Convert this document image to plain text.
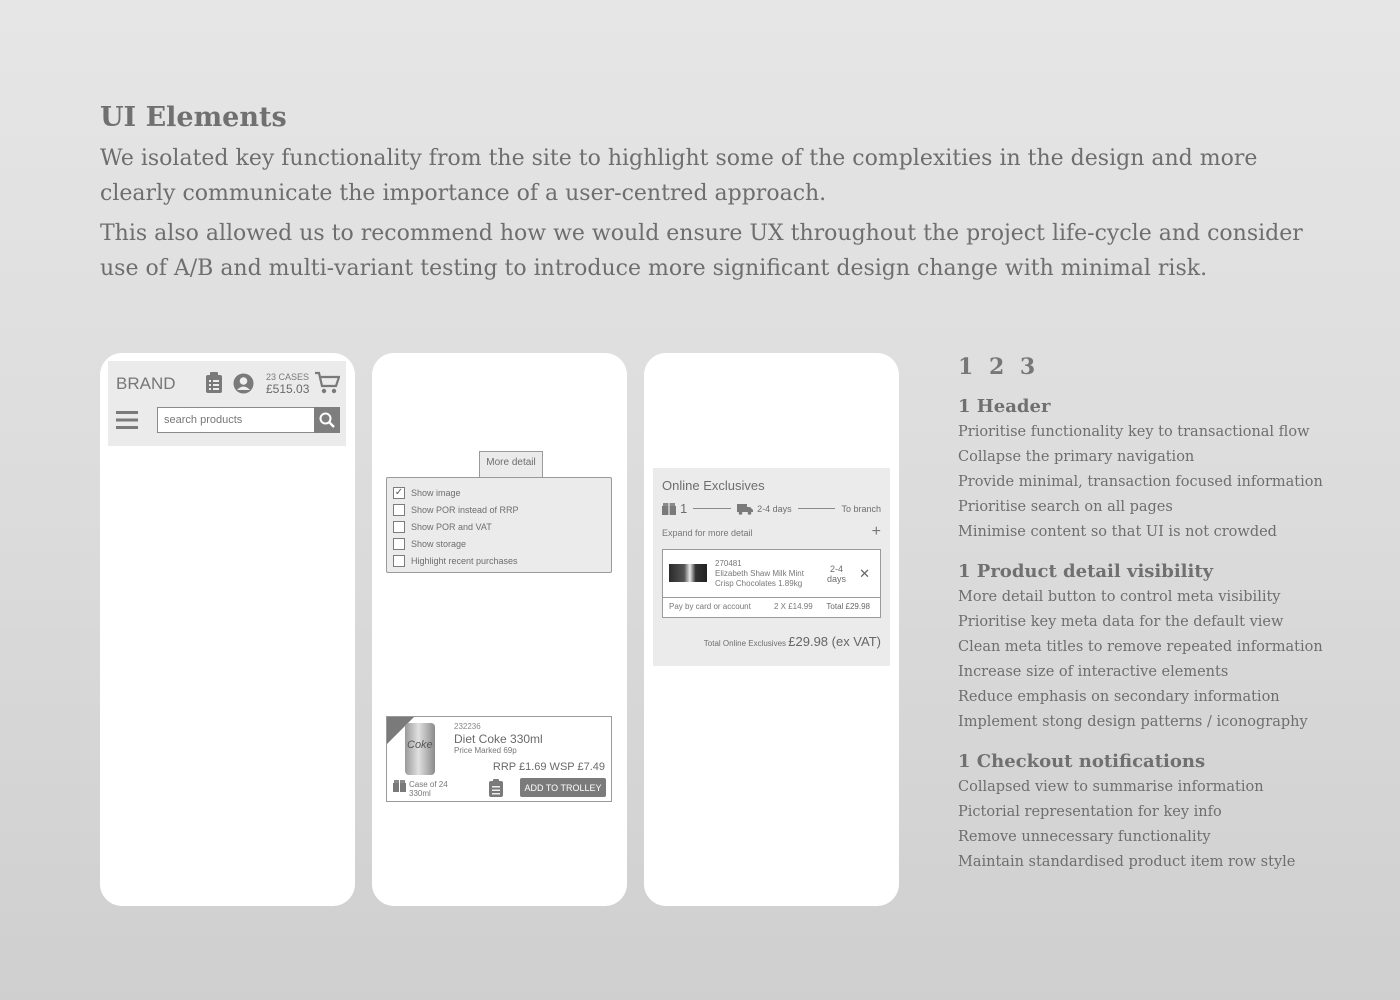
UI Elements

We isolated key functionality from the site to highlight some of the complexities in the design and more clearly communicate the importance of a user-centred approach.

This also allowed us to recommend how we would ensure UX throughout the project life-cycle and consider use of A/B and multi-variant testing to introduce more significant design change with minimal risk.

BRAND	23 CASES
£515.03
search products
More detail
✓ Show image
Show POR instead of RRP
Show POR and VAT
Show storage
Highlight recent purchases
Coke
232236
Diet Coke 330ml
Price Marked 69p
RRP £1.69 WSP £7.49
Case of 24
330ml
ADD TO TROLLEY
Online Exclusives
1	2-4 days	To branch
Expand for more detail	+
270481
Elizabeth Shaw Milk Mint
Crisp Chocolates 1.89kg
2-4
days ✕
Pay by card or account	2 X £14.99 Total £29.98
Total Online Exclusives £29.98 (ex VAT)
1 2 3
1 Header
Prioritise functionality key to transactional flow
Collapse the primary navigation
Provide minimal, transaction focused information
Prioritise search on all pages
Minimise content so that UI is not crowded
1 Product detail visibility
More detail button to control meta visibility
Prioritise key meta data for the default view
Clean meta titles to remove repeated information
Increase size of interactive elements
Reduce emphasis on secondary information
Implement stong design patterns / iconography
1 Checkout notifications
Collapsed view to summarise information
Pictorial representation for key info
Remove unnecessary functionality
Maintain standardised product item row style
